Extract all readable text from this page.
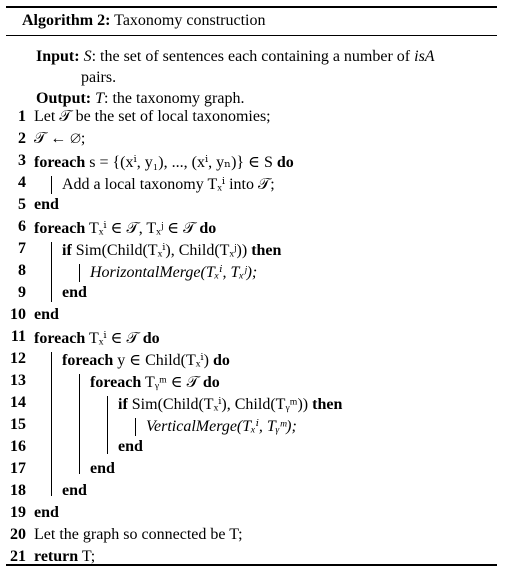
Algorithm 2: Taxonomy construction
Input: S: the set of sentences each containing a number of isA
pairs.
Output: T: the taxonomy graph.
1 Let 𝒯 be the set of local taxonomies;
2 𝒯 ← ∅;
3 foreach s = {(xⁱ, y₁), ..., (xⁱ, yₙ)} ∈ S do
4 Add a local taxonomy Tₓⁱ into 𝒯;
5 end
6 foreach Tₓⁱ ∈ 𝒯, Tₓʲ ∈ 𝒯 do
7 if Sim(Child(Tₓⁱ), Child(Tₓʲ)) then
8	HorizontalMerge(Tₓⁱ, Tₓʲ);
9 end
10 end
11 foreach Tₓⁱ ∈ 𝒯 do
12 foreach y ∈ Child(Tₓⁱ) do
13	foreach Tᵧᵐ ∈ 𝒯 do
14	if Sim(Child(Tₓⁱ), Child(Tᵧᵐ)) then
15	VerticalMerge(Tₓⁱ, Tᵧᵐ);
16	end
17	end
18 end
19 end
20 Let the graph so connected be T;
21 return T;
